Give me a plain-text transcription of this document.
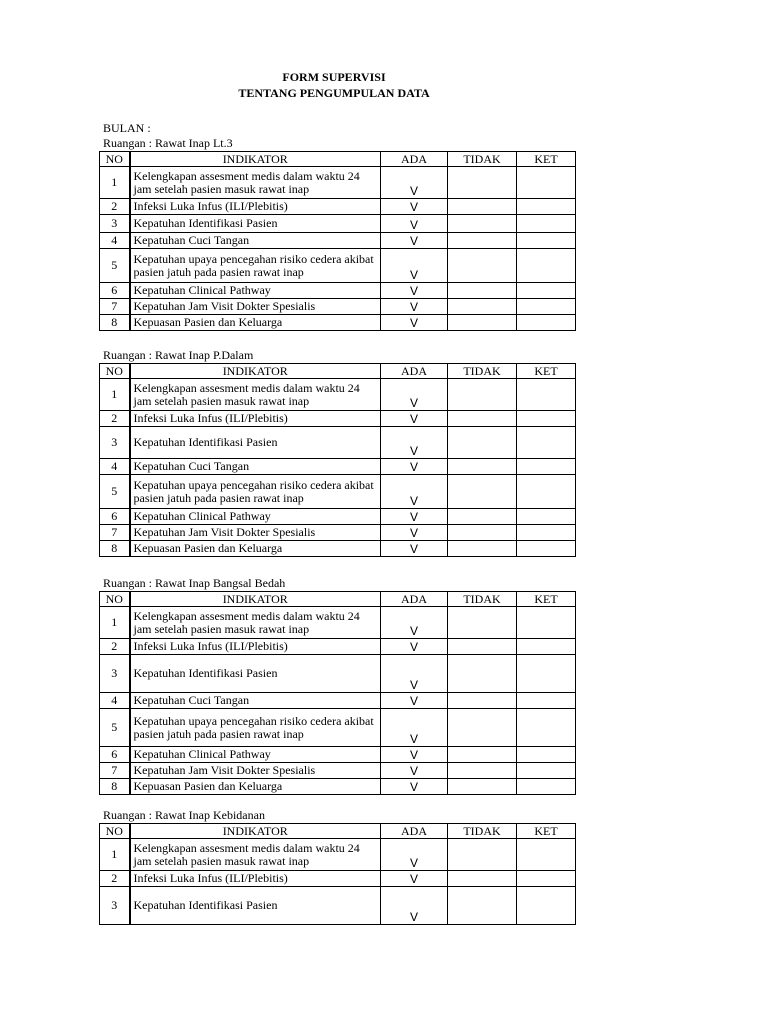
FORM SUPERVISI
TENTANG PENGUMPULAN DATA
BULAN :
Ruangan : Rawat Inap Lt.3
NO	INDIKATOR	ADA	TIDAK	KET
1	Kelengkapan assesment medis dalam waktu 24 jam setelah pasien masuk rawat inap	V		
2	Infeksi Luka Infus (ILI/Plebitis)	V		
3	Kepatuhan Identifikasi Pasien	V		
4	Kepatuhan Cuci Tangan	V		
5	Kepatuhan upaya pencegahan risiko cedera akibat pasien jatuh pada pasien rawat inap	V		
6	Kepatuhan Clinical Pathway	V		
7	Kepatuhan Jam Visit Dokter Spesialis	V		
8	Kepuasan Pasien dan Keluarga	V		
Ruangan : Rawat Inap P.Dalam
NO	INDIKATOR	ADA	TIDAK	KET
1	Kelengkapan assesment medis dalam waktu 24 jam setelah pasien masuk rawat inap	V		
2	Infeksi Luka Infus (ILI/Plebitis)	V		
3	Kepatuhan Identifikasi Pasien	V		
4	Kepatuhan Cuci Tangan	V		
5	Kepatuhan upaya pencegahan risiko cedera akibat pasien jatuh pada pasien rawat inap	V		
6	Kepatuhan Clinical Pathway	V		
7	Kepatuhan Jam Visit Dokter Spesialis	V		
8	Kepuasan Pasien dan Keluarga	V		
Ruangan : Rawat Inap Bangsal Bedah
NO	INDIKATOR	ADA	TIDAK	KET
1	Kelengkapan assesment medis dalam waktu 24 jam setelah pasien masuk rawat inap	V		
2	Infeksi Luka Infus (ILI/Plebitis)	V		
3	Kepatuhan Identifikasi Pasien	V		
4	Kepatuhan Cuci Tangan	V		
5	Kepatuhan upaya pencegahan risiko cedera akibat pasien jatuh pada pasien rawat inap	V		
6	Kepatuhan Clinical Pathway	V		
7	Kepatuhan Jam Visit Dokter Spesialis	V		
8	Kepuasan Pasien dan Keluarga	V		
Ruangan : Rawat Inap Kebidanan
NO	INDIKATOR	ADA	TIDAK	KET
1	Kelengkapan assesment medis dalam waktu 24 jam setelah pasien masuk rawat inap	V		
2	Infeksi Luka Infus (ILI/Plebitis)	V		
3	Kepatuhan Identifikasi Pasien	V		
